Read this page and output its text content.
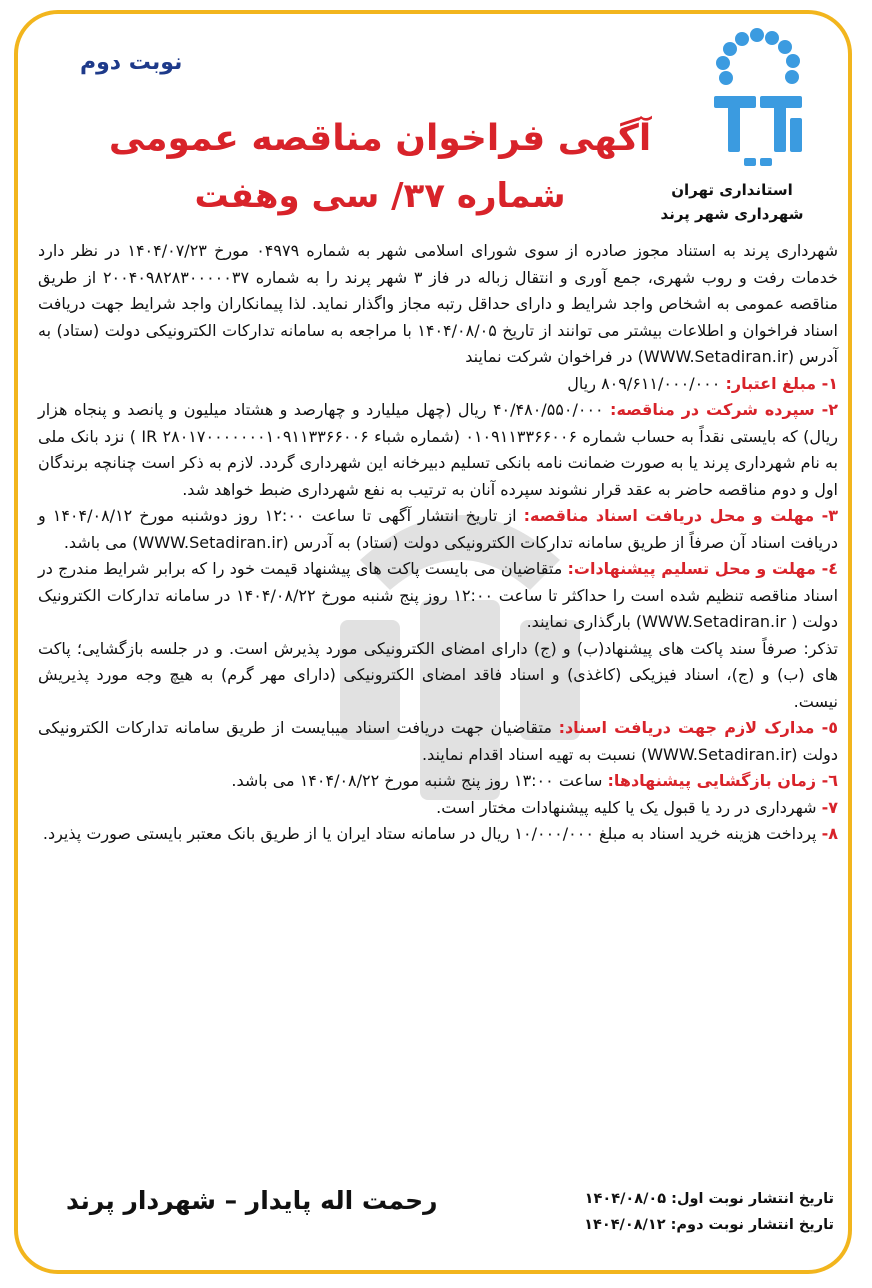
استانداری تهران
شهرداری شهر پرند
نوبت دوم
آگهی فراخوان مناقصه عمومی
شماره ۳۷/ سی وهفت

شهرداری پرند به استناد مجوز صادره از سوی شورای اسلامی شهر به شماره ۰۴۹۷۹ مورخ ۱۴۰۴/۰۷/۲۳ در نظر دارد خدمات رفت و روب شهری، جمع آوری و انتقال زباله در فاز ۳ شهر پرند را به شماره ۲۰۰۴۰۹۸۲۸۳۰۰۰۰۰۳۷ از طریق مناقصه عمومی به اشخاص واجد شرایط و دارای حداقل رتبه مجاز واگذار نماید. لذا پیمانکاران واجد شرایط جهت دریافت اسناد فراخوان و اطلاعات بیشتر می توانند از تاریخ ۱۴۰۴/۰۸/۰۵ با مراجعه به سامانه تدارکات الکترونیکی دولت (ستاد) به آدرس (WWW.Setadiran.ir) در فراخوان شرکت نمایند

۱- مبلغ اعتبار: ۸۰۹/۶۱۱/۰۰۰/۰۰۰ ریال

۲- سپرده شرکت در مناقصه: ۴۰/۴۸۰/۵۵۰/۰۰۰ ریال (چهل میلیارد و چهارصد و هشتاد میلیون و پانصد و پنجاه هزار ریال) که بایستی نقداً به حساب شماره ۰۱۰۹۱۱۳۳۶۶۰۰۶ (شماره شباء IR ۲۸۰۱۷۰۰۰۰۰۰۰۱۰۹۱۱۳۳۶۶۰۰۶ ) نزد بانک ملی به نام شهرداری پرند یا به صورت ضمانت نامه بانکی تسلیم دبیرخانه این شهرداری گردد. لازم به ذکر است چنانچه برندگان اول و دوم مناقصه حاضر به عقد قرار نشوند سپرده آنان به ترتیب به نفع شهرداری ضبط خواهد شد.

۳- مهلت و محل دریافت اسناد مناقصه: از تاریخ انتشار آگهی تا ساعت ۱۲:۰۰ روز دوشنبه مورخ ۱۴۰۴/۰۸/۱۲ و دریافت اسناد آن صرفاً از طریق سامانه تدارکات الکترونیکی دولت (ستاد) به آدرس (WWW.Setadiran.ir) می باشد.

٤- مهلت و محل تسلیم پیشنهادات: متقاضیان می بایست پاکت های پیشنهاد قیمت خود را که برابر شرایط مندرج در اسناد مناقصه تنظیم شده است را حداکثر تا ساعت ۱۲:۰۰ روز پنج شنبه مورخ ۱۴۰۴/۰۸/۲۲ در سامانه تدارکات الکترونیک دولت ( WWW.Setadiran.ir) بارگذاری نمایند.

تذکر: صرفاً سند پاکت های پیشنهاد(ب) و (ج) دارای امضای الکترونیکی مورد پذیرش است. و در جلسه بازگشایی؛ پاکت های (ب) و (ج)، اسناد فیزیکی (کاغذی) و اسناد فاقد امضای الکترونیکی (دارای مهر گرم) به هیچ وجه مورد پذیریش نیست.

٥- مدارک لازم جهت دریافت اسناد: متقاضیان جهت دریافت اسناد میبایست از طریق سامانه تدارکات الکترونیکی دولت (WWW.Setadiran.ir) نسبت به تهیه اسناد اقدام نمایند.

٦- زمان بازگشایی پیشنهادها: ساعت ۱۳:۰۰ روز پنج شنبه مورخ ۱۴۰۴/۰۸/۲۲ می باشد.

۷- شهرداری در رد یا قبول یک یا کلیه پیشنهادات مختار است.

۸- پرداخت هزینه خرید اسناد به مبلغ ۱۰/۰۰۰/۰۰۰ ریال در سامانه ستاد ایران یا از طریق بانک معتبر بایستی صورت پذیرد.

رحمت اله پایدار – شهردار پرند	تاریخ انتشار نوبت اول: ۱۴۰۴/۰۸/۰۵
تاریخ انتشار نوبت دوم: ۱۴۰۴/۰۸/۱۲
